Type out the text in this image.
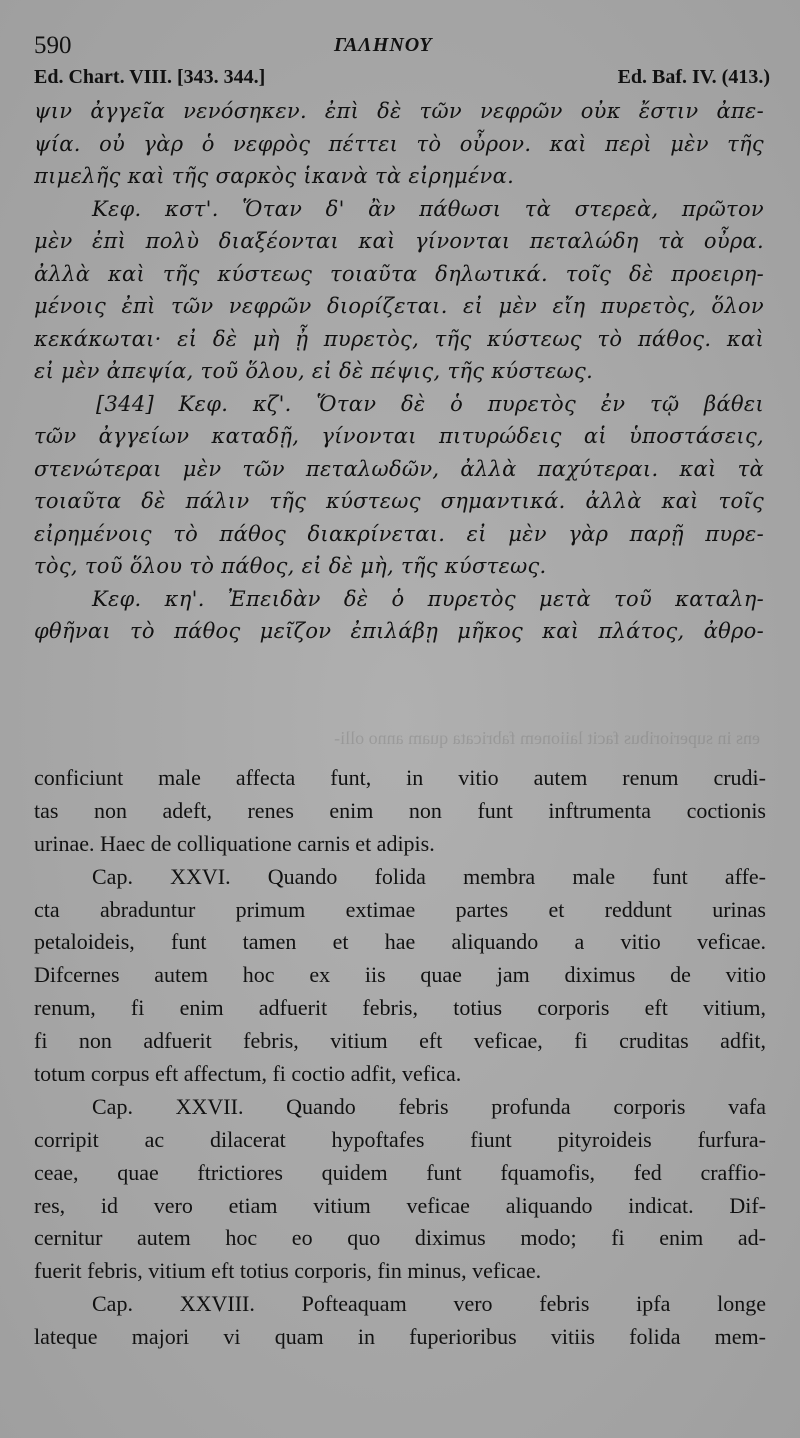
590	ΓΑΛΗΝΟΥ
Ed. Chart. VIII. [343. 344.]	Ed. Baf. IV. (413.)
ψιν ἀγγεῖα νενόσηκεν. ἐπὶ δὲ τῶν νεφρῶν οὐκ ἔστιν ἀπε-
ψία. οὐ γὰρ ὁ νεφρὸς πέττει τὸ οὖρον. καὶ περὶ μὲν τῆς
πιμελῆς καὶ τῆς σαρκὸς ἱκανὰ τὰ εἰρημένα.
Κεφ. κστ'. Ὅταν δ' ἂν πάθωσι τὰ στερεὰ, πρῶτον
μὲν ἐπὶ πολὺ διαξέονται καὶ γίνονται πεταλώδη τὰ οὖρα.
ἀλλὰ καὶ τῆς κύστεως τοιαῦτα δηλωτικά. τοῖς δὲ προειρη-
μένοις ἐπὶ τῶν νεφρῶν διορίζεται. εἰ μὲν εἴη πυρετὸς, ὅλον
κεκάκωται· εἰ δὲ μὴ ᾖ πυρετὸς, τῆς κύστεως τὸ πάθος. καὶ
εἰ μὲν ἀπεψία, τοῦ ὅλου, εἰ δὲ πέψις, τῆς κύστεως.
[344] Κεφ. κζ'. Ὅταν δὲ ὁ πυρετὸς ἐν τῷ βάθει
τῶν ἀγγείων καταδῇ, γίνονται πιτυρώδεις αἱ ὑποστάσεις,
στενώτεραι μὲν τῶν πεταλωδῶν, ἀλλὰ παχύτεραι. καὶ τὰ
τοιαῦτα δὲ πάλιν τῆς κύστεως σημαντικά. ἀλλὰ καὶ τοῖς
εἰρημένοις τὸ πάθος διακρίνεται. εἰ μὲν γὰρ παρῇ πυρε-
τὸς, τοῦ ὅλου τὸ πάθος, εἰ δὲ μὴ, τῆς κύστεως.
Κεφ. κη'. Ἐπειδὰν δὲ ὁ πυρετὸς μετὰ τοῦ καταλη-
φθῆναι τὸ πάθος μεῖζον ἐπιλάβῃ μῆκος καὶ πλάτος, ἀθρο-
ens in superioribus facit laiionem fabricata quam anno olli-
conficiunt male affecta funt, in vitio autem renum crudi-
tas non adeft, renes enim non funt inftrumenta coctionis
urinae. Haec de colliquatione carnis et adipis.
Cap. XXVI. Quando folida membra male funt affe-
cta abraduntur primum extimae partes et reddunt urinas
petaloideis, funt tamen et hae aliquando a vitio veficae.
Difcernes autem hoc ex iis quae jam diximus de vitio
renum, fi enim adfuerit febris, totius corporis eft vitium,
fi non adfuerit febris, vitium eft veficae, fi cruditas adfit,
totum corpus eft affectum, fi coctio adfit, vefica.
Cap. XXVII. Quando febris profunda corporis vafa
corripit ac dilacerat hypoftafes fiunt pityroideis furfura-
ceae, quae ftrictiores quidem funt fquamofis, fed craffio-
res, id vero etiam vitium veficae aliquando indicat. Dif-
cernitur autem hoc eo quo diximus modo; fi enim ad-
fuerit febris, vitium eft totius corporis, fin minus, veficae.
Cap. XXVIII. Pofteaquam vero febris ipfa longe
lateque majori vi quam in fuperioribus vitiis folida mem-
